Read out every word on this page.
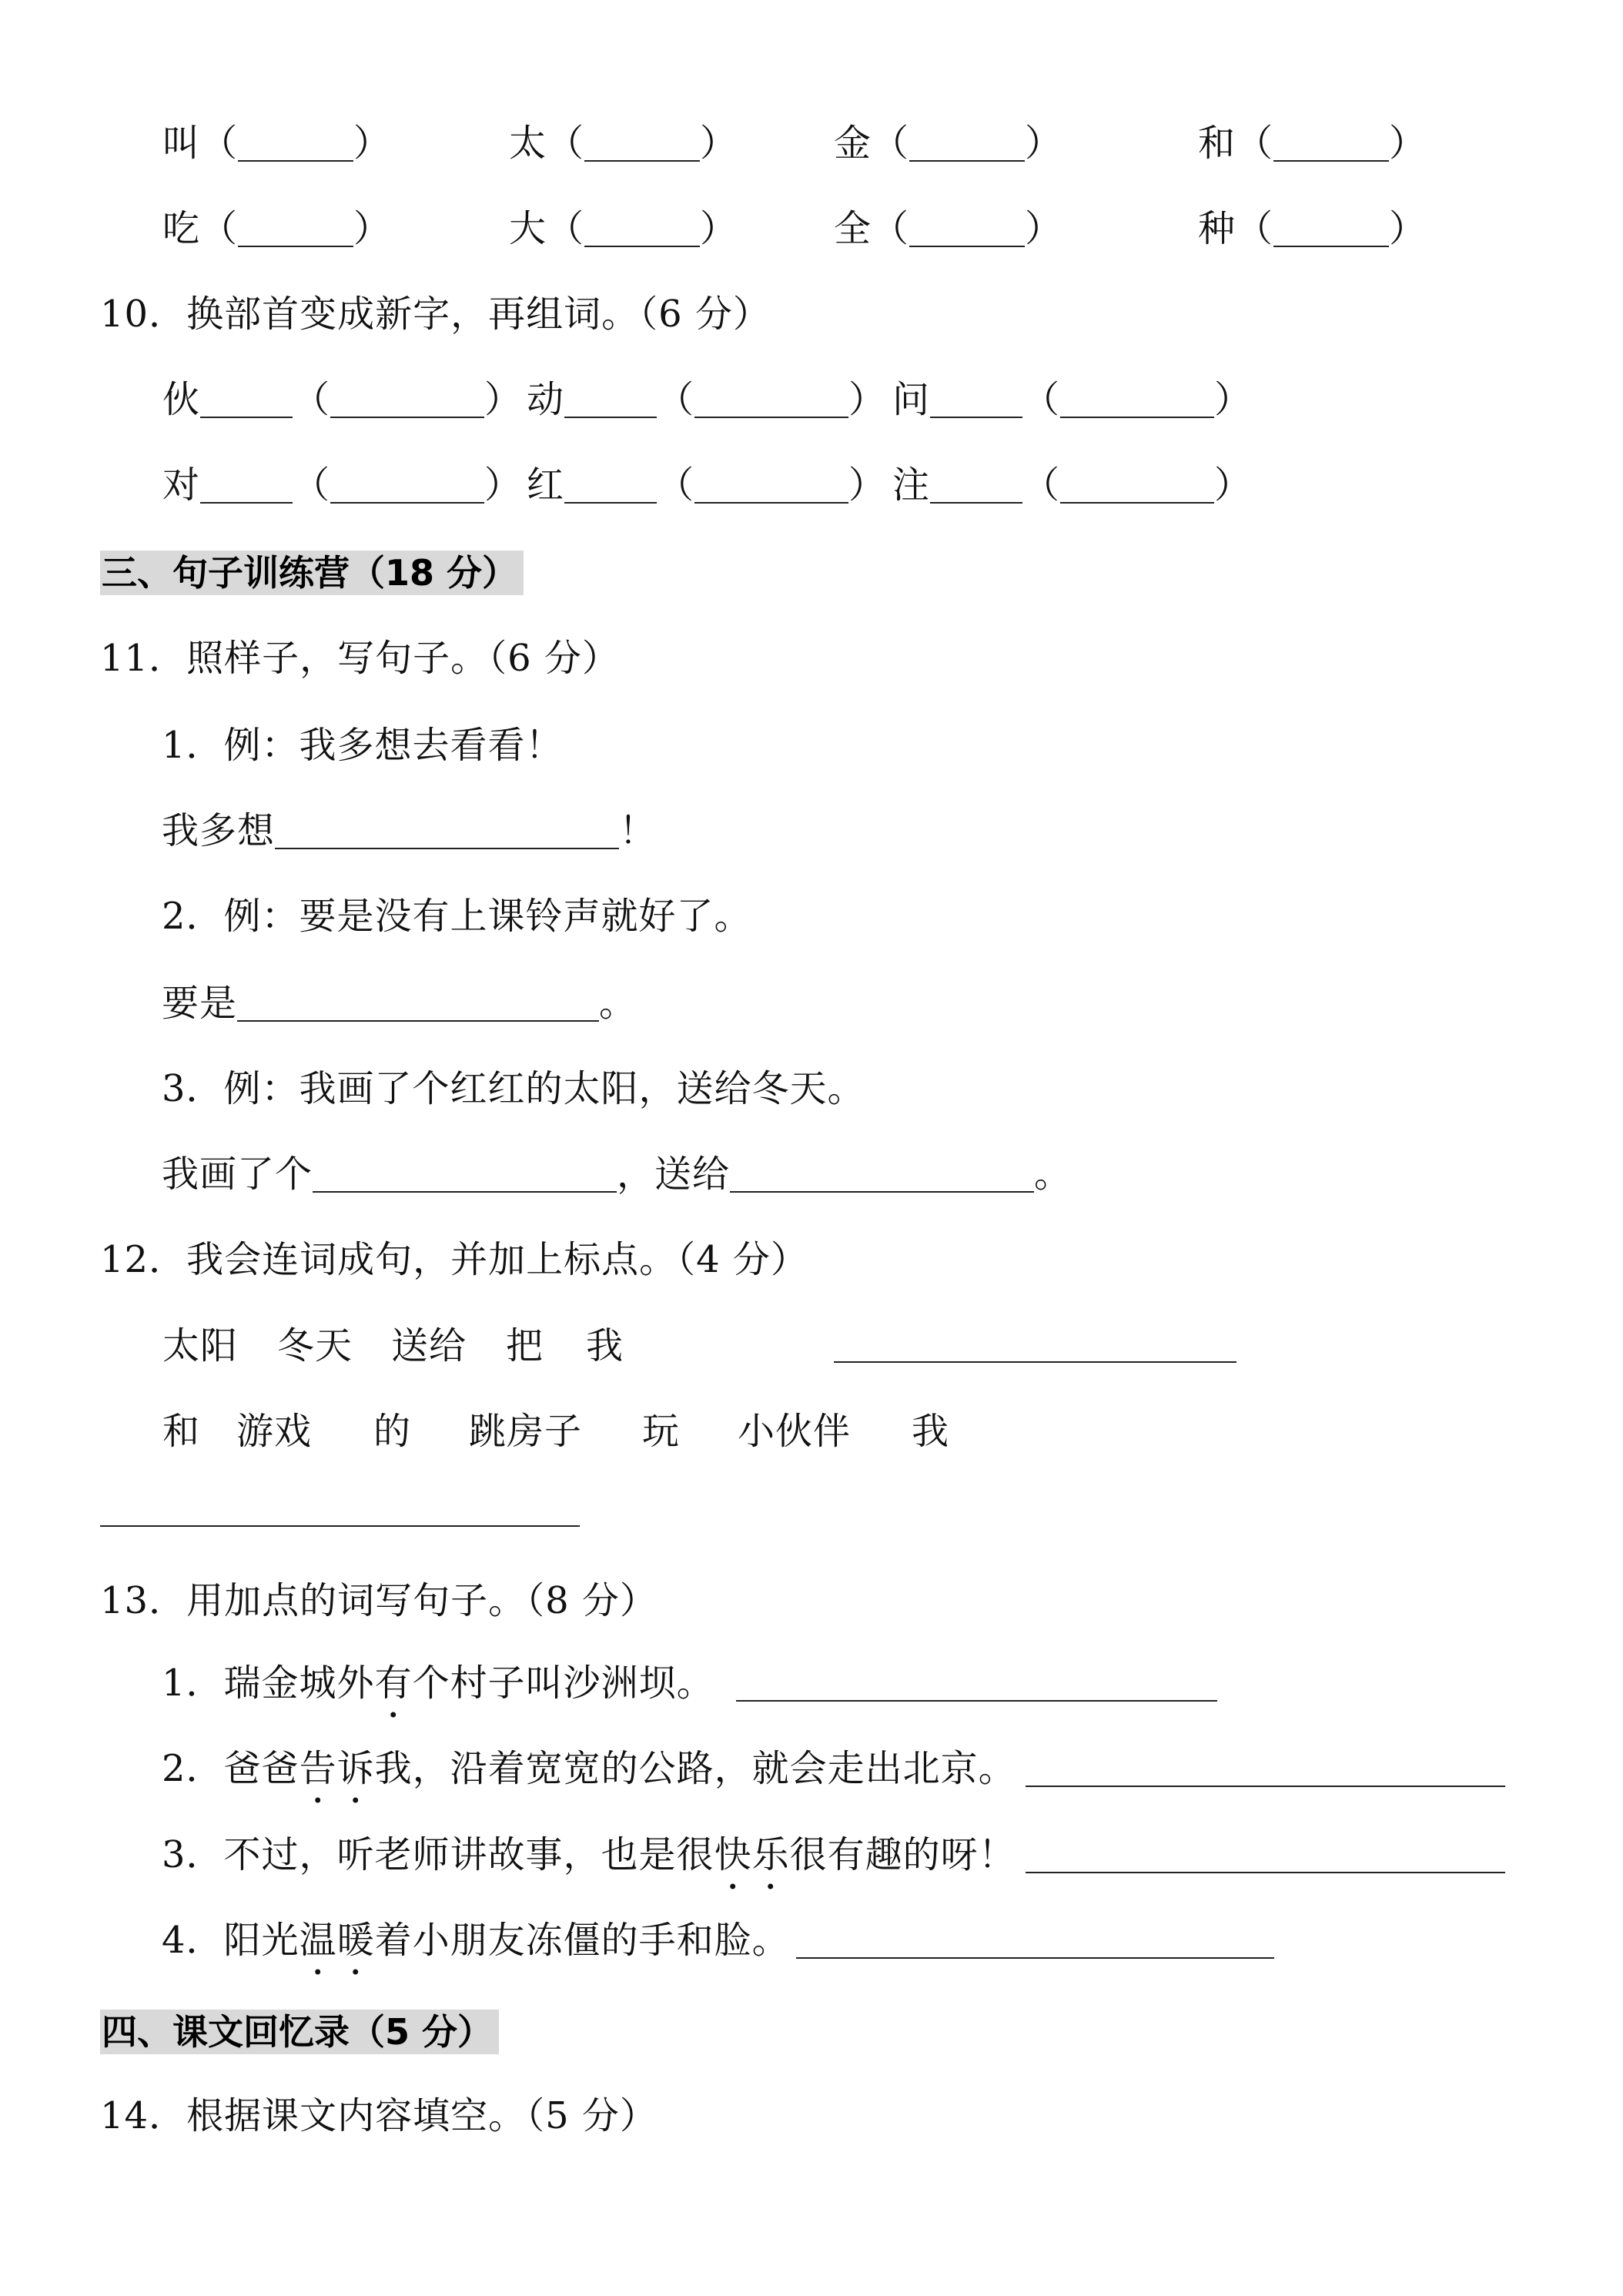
叫（	）	太（	）	金（	）	和（	）
吃（	）	大（	）	全（	）	种（	）
10．换部首变成新字，再组词。（6 分）
伙	（	） 动	（	） 问	（	）
对	（	） 红	（	） 注	（	）
三、句子训练营（18 分）
11．照样子，写句子。（6 分）
1．例：我多想去看看！
我多想	！
2．例：要是没有上课铃声就好了。
要是	。
3．例：我画了个红红的太阳，送给冬天。
我画了个	，送给	。
12．我会连词成句，并加上标点。（4 分）
太阳 冬天 送给 把 我
和 游戏 的 跳房子 玩 小伙伴 我
13．用加点的词写句子。（8 分）
1．瑞金城外有个村子叫沙洲坝。
2．爸爸告诉我，沿着宽宽的公路，就会走出北京。
3．不过，听老师讲故事，也是很快乐很有趣的呀！
4．阳光温暖着小朋友冻僵的手和脸。
四、课文回忆录（5 分）
14．根据课文内容填空。（5 分）
